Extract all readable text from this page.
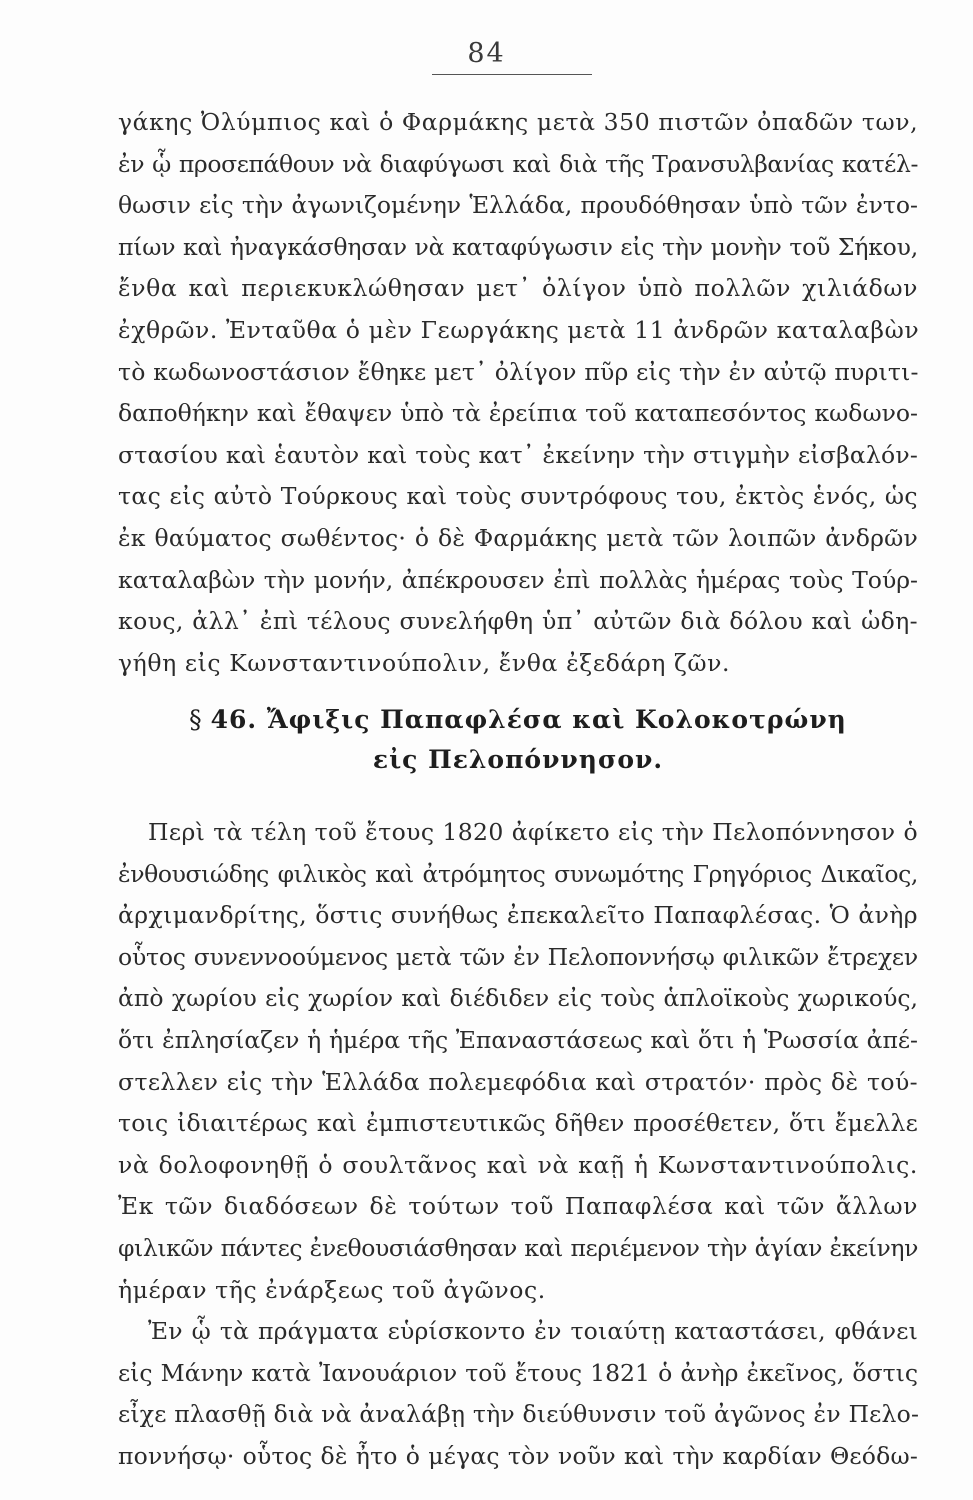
84
γάκης Ὀλύμπιος καὶ ὁ Φαρμάκης μετὰ 350 πιστῶν ὀπαδῶν των,
ἐν ᾧ προσεπάθουν νὰ διαφύγωσι καὶ διὰ τῆς Τρανσυλβανίας κατέλ-
θωσιν εἰς τὴν ἀγωνιζομένην Ἑλλάδα, προυδόθησαν ὑπὸ τῶν ἐντο-
πίων καὶ ἠναγκάσθησαν νὰ καταφύγωσιν εἰς τὴν μονὴν τοῦ Σήκου,
ἔνθα καὶ περιεκυκλώθησαν μετ᾽ ὀλίγον ὑπὸ πολλῶν χιλιάδων
ἐχθρῶν. Ἐνταῦθα ὁ μὲν Γεωργάκης μετὰ 11 ἀνδρῶν καταλαβὼν
τὸ κωδωνοστάσιον ἔθηκε μετ᾽ ὀλίγον πῦρ εἰς τὴν ἐν αὐτῷ πυριτι-
δαποθήκην καὶ ἔθαψεν ὑπὸ τὰ ἐρείπια τοῦ καταπεσόντος κωδωνο-
στασίου καὶ ἑαυτὸν καὶ τοὺς κατ᾽ ἐκείνην τὴν στιγμὴν εἰσβαλόν-
τας εἰς αὐτὸ Τούρκους καὶ τοὺς συντρόφους του, ἐκτὸς ἑνός, ὡς
ἐκ θαύματος σωθέντος· ὁ δὲ Φαρμάκης μετὰ τῶν λοιπῶν ἀνδρῶν
καταλαβὼν τὴν μονήν, ἀπέκρουσεν ἐπὶ πολλὰς ἡμέρας τοὺς Τούρ-
κους, ἀλλ᾽ ἐπὶ τέλους συνελήφθη ὑπ᾽ αὐτῶν διὰ δόλου καὶ ὡδη-
γήθη εἰς Κωνσταντινούπολιν, ἔνθα ἐξεδάρη ζῶν.
§ 46. Ἄφιξις Παπαφλέσα καὶ Κολοκοτρώνη
εἰς Πελοπόννησον.
Περὶ τὰ τέλη τοῦ ἔτους 1820 ἀφίκετο εἰς τὴν Πελοπόννησον ὁ
ἐνθουσιώδης φιλικὸς καὶ ἀτρόμητος συνωμότης Γρηγόριος Δικαῖος,
ἀρχιμανδρίτης, ὅστις συνήθως ἐπεκαλεῖτο Παπαφλέσας. Ὁ ἀνὴρ
οὗτος συνεννοούμενος μετὰ τῶν ἐν Πελοποννήσῳ φιλικῶν ἔτρεχεν
ἀπὸ χωρίου εἰς χωρίον καὶ διέδιδεν εἰς τοὺς ἁπλοϊκοὺς χωρικούς,
ὅτι ἐπλησίαζεν ἡ ἡμέρα τῆς Ἐπαναστάσεως καὶ ὅτι ἡ Ῥωσσία ἀπέ-
στελλεν εἰς τὴν Ἑλλάδα πολεμεφόδια καὶ στρατόν· πρὸς δὲ τού-
τοις ἰδιαιτέρως καὶ ἐμπιστευτικῶς δῆθεν προσέθετεν, ὅτι ἔμελλε
νὰ δολοφονηθῇ ὁ σουλτᾶνος καὶ νὰ καῇ ἡ Κωνσταντινούπολις.
Ἐκ τῶν διαδόσεων δὲ τούτων τοῦ Παπαφλέσα καὶ τῶν ἄλλων
φιλικῶν πάντες ἐνεθουσιάσθησαν καὶ περιέμενον τὴν ἁγίαν ἐκείνην
ἡμέραν τῆς ἐνάρξεως τοῦ ἀγῶνος.
Ἐν ᾧ τὰ πράγματα εὑρίσκοντο ἐν τοιαύτῃ καταστάσει, φθάνει
εἰς Μάνην κατὰ Ἰανουάριον τοῦ ἔτους 1821 ὁ ἀνὴρ ἐκεῖνος, ὅστις
εἶχε πλασθῇ διὰ νὰ ἀναλάβῃ τὴν διεύθυνσιν τοῦ ἀγῶνος ἐν Πελο-
ποννήσῳ· οὗτος δὲ ἦτο ὁ μέγας τὸν νοῦν καὶ τὴν καρδίαν Θεόδω-
